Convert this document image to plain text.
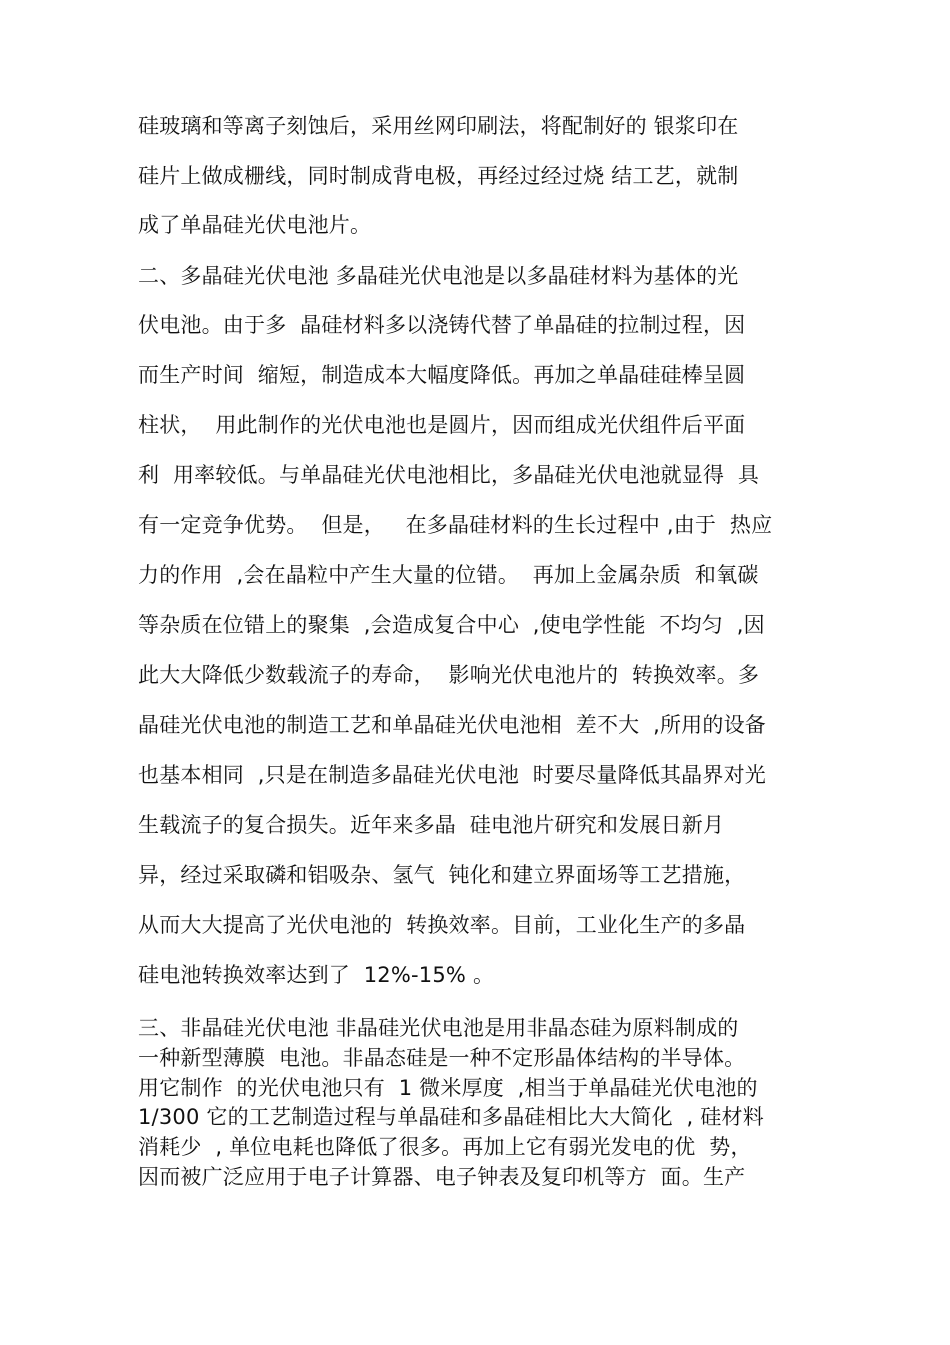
硅玻璃和等离子刻蚀后，采用丝网印刷法，将配制好的 银浆印在
硅片上做成栅线，同时制成背电极，再经过经过烧 结工艺，就制
成了单晶硅光伏电池片。
二、多晶硅光伏电池 多晶硅光伏电池是以多晶硅材料为基体的光
伏电池。由于多  晶硅材料多以浇铸代替了单晶硅的拉制过程，因
而生产时间  缩短，制造成本大幅度降低。再加之单晶硅硅棒呈圆
柱状，  用此制作的光伏电池也是圆片，因而组成光伏组件后平面
利  用率较低。与单晶硅光伏电池相比，多晶硅光伏电池就显得  具
有一定竞争优势。  但是，   在多晶硅材料的生长过程中 ,由于  热应
力的作用  ,会在晶粒中产生大量的位错。  再加上金属杂质  和氧碳
等杂质在位错上的聚集  ,会造成复合中心  ,使电学性能  不均匀  ,因
此大大降低少数载流子的寿命，  影响光伏电池片的  转换效率。多
晶硅光伏电池的制造工艺和单晶硅光伏电池相  差不大  ,所用的设备
也基本相同  ,只是在制造多晶硅光伏电池  时要尽量降低其晶界对光
生载流子的复合损失。近年来多晶  硅电池片研究和发展日新月
异，经过采取磷和铝吸杂、氢气  钝化和建立界面场等工艺措施，
从而大大提高了光伏电池的  转换效率。目前，工业化生产的多晶
硅电池转换效率达到了  12%-15% 。
三、非晶硅光伏电池 非晶硅光伏电池是用非晶态硅为原料制成的
一种新型薄膜  电池。非晶态硅是一种不定形晶体结构的半导体。
用它制作  的光伏电池只有  1 微米厚度  ,相当于单晶硅光伏电池的
1/300 它的工艺制造过程与单晶硅和多晶硅相比大大简化  , 硅材料
消耗少  , 单位电耗也降低了很多。再加上它有弱光发电的优  势，
因而被广泛应用于电子计算器、电子钟表及复印机等方  面。生产
